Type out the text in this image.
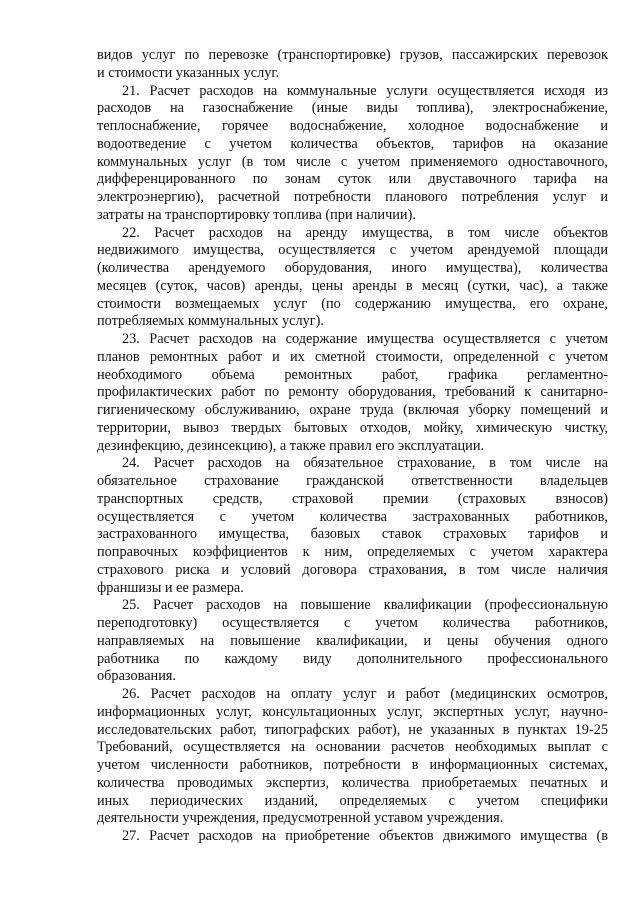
видов услуг по перевозке (транспортировке) грузов, пассажирских перевозок
и стоимости указанных услуг.
21. Расчет расходов на коммунальные услуги осуществляется исходя из
расходов на газоснабжение (иные виды топлива), электроснабжение,
теплоснабжение, горячее водоснабжение, холодное водоснабжение и
водоотведение с учетом количества объектов, тарифов на оказание
коммунальных услуг (в том числе с учетом применяемого одноставочного,
дифференцированного по зонам суток или двуставочного тарифа на
электроэнергию), расчетной потребности планового потребления услуг и
затраты на транспортировку топлива (при наличии).
22. Расчет расходов на аренду имущества, в том числе объектов
недвижимого имущества, осуществляется с учетом арендуемой площади
(количества арендуемого оборудования, иного имущества), количества
месяцев (суток, часов) аренды, цены аренды в месяц (сутки, час), а также
стоимости возмещаемых услуг (по содержанию имущества, его охране,
потребляемых коммунальных услуг).
23. Расчет расходов на содержание имущества осуществляется с учетом
планов ремонтных работ и их сметной стоимости, определенной с учетом
необходимого объема ремонтных работ, графика регламентно-
профилактических работ по ремонту оборудования, требований к санитарно-
гигиеническому обслуживанию, охране труда (включая уборку помещений и
территории, вывоз твердых бытовых отходов, мойку, химическую чистку,
дезинфекцию, дезинсекцию), а также правил его эксплуатации.
24. Расчет расходов на обязательное страхование, в том числе на
обязательное страхование гражданской ответственности владельцев
транспортных средств, страховой премии (страховых взносов)
осуществляется с учетом количества застрахованных работников,
застрахованного имущества, базовых ставок страховых тарифов и
поправочных коэффициентов к ним, определяемых с учетом характера
страхового риска и условий договора страхования, в том числе наличия
франшизы и ее размера.
25. Расчет расходов на повышение квалификации (профессиональную
переподготовку) осуществляется с учетом количества работников,
направляемых на повышение квалификации, и цены обучения одного
работника по каждому виду дополнительного профессионального
образования.
26. Расчет расходов на оплату услуг и работ (медицинских осмотров,
информационных услуг, консультационных услуг, экспертных услуг, научно-
исследовательских работ, типографских работ), не указанных в пунктах 19-25
Требований, осуществляется на основании расчетов необходимых выплат с
учетом численности работников, потребности в информационных системах,
количества проводимых экспертиз, количества приобретаемых печатных и
иных периодических изданий, определяемых с учетом специфики
деятельности учреждения, предусмотренной уставом учреждения.
27. Расчет расходов на приобретение объектов движимого имущества (в
